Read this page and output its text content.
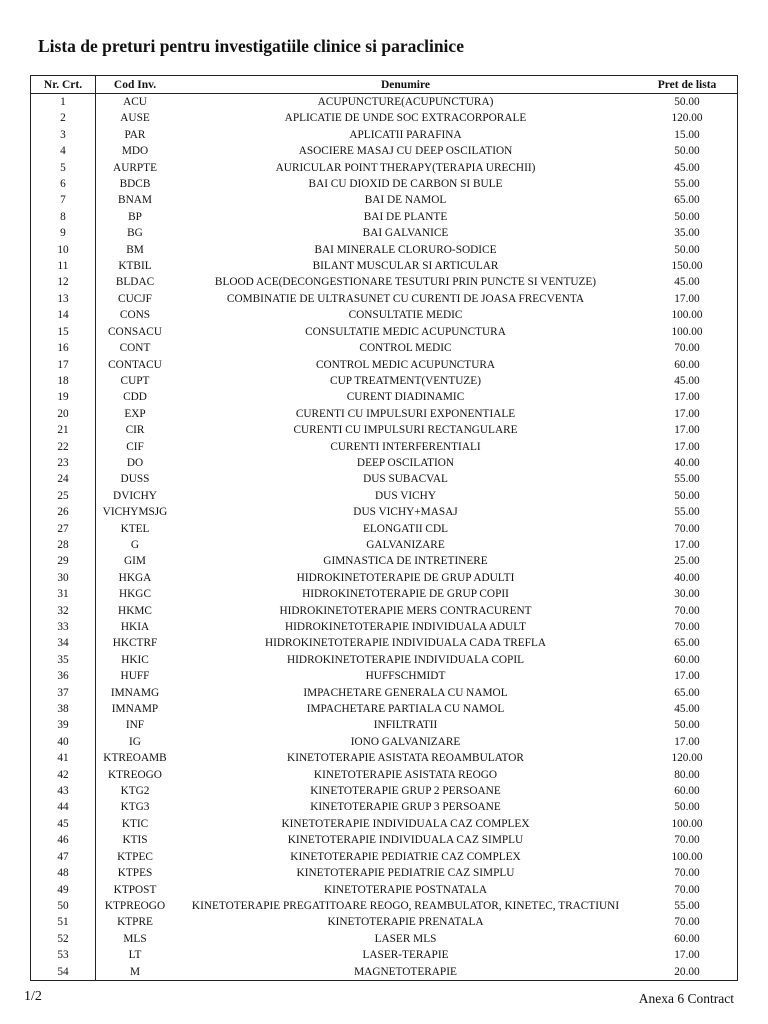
Lista de preturi pentru investigatiile clinice si paraclinice
Nr. Crt.	Cod Inv.	Denumire	Pret de lista
1	ACU	ACUPUNCTURE(ACUPUNCTURA)	50.00
2	AUSE	APLICATIE DE UNDE SOC EXTRACORPORALE	120.00
3	PAR	APLICATII PARAFINA	15.00
4	MDO	ASOCIERE MASAJ CU DEEP OSCILATION	50.00
5	AURPTE	AURICULAR POINT THERAPY(TERAPIA URECHII)	45.00
6	BDCB	BAI CU DIOXID DE CARBON SI BULE	55.00
7	BNAM	BAI DE NAMOL	65.00
8	BP	BAI DE PLANTE	50.00
9	BG	BAI GALVANICE	35.00
10	BM	BAI MINERALE CLORURO-SODICE	50.00
11	KTBIL	BILANT MUSCULAR SI ARTICULAR	150.00
12	BLDAC	BLOOD ACE(DECONGESTIONARE TESUTURI PRIN PUNCTE SI VENTUZE)	45.00
13	CUCJF	COMBINATIE DE ULTRASUNET CU CURENTI DE JOASA FRECVENTA	17.00
14	CONS	CONSULTATIE MEDIC	100.00
15	CONSACU	CONSULTATIE MEDIC ACUPUNCTURA	100.00
16	CONT	CONTROL MEDIC	70.00
17	CONTACU	CONTROL MEDIC ACUPUNCTURA	60.00
18	CUPT	CUP TREATMENT(VENTUZE)	45.00
19	CDD	CURENT DIADINAMIC	17.00
20	EXP	CURENTI CU IMPULSURI EXPONENTIALE	17.00
21	CIR	CURENTI CU IMPULSURI RECTANGULARE	17.00
22	CIF	CURENTI INTERFERENTIALI	17.00
23	DO	DEEP OSCILATION	40.00
24	DUSS	DUS SUBACVAL	55.00
25	DVICHY	DUS VICHY	50.00
26	VICHYMSJG	DUS VICHY+MASAJ	55.00
27	KTEL	ELONGATII CDL	70.00
28	G	GALVANIZARE	17.00
29	GIM	GIMNASTICA DE INTRETINERE	25.00
30	HKGA	HIDROKINETOTERAPIE DE GRUP ADULTI	40.00
31	HKGC	HIDROKINETOTERAPIE DE GRUP COPII	30.00
32	HKMC	HIDROKINETOTERAPIE MERS CONTRACURENT	70.00
33	HKIA	HIDROKINETOTERAPIE INDIVIDUALA ADULT	70.00
34	HKCTRF	HIDROKINETOTERAPIE INDIVIDUALA CADA TREFLA	65.00
35	HKIC	HIDROKINETOTERAPIE INDIVIDUALA COPIL	60.00
36	HUFF	HUFFSCHMIDT	17.00
37	IMNAMG	IMPACHETARE GENERALA CU NAMOL	65.00
38	IMNAMP	IMPACHETARE PARTIALA CU NAMOL	45.00
39	INF	INFILTRATII	50.00
40	IG	IONO GALVANIZARE	17.00
41	KTREOAMB	KINETOTERAPIE ASISTATA REOAMBULATOR	120.00
42	KTREOGO	KINETOTERAPIE ASISTATA REOGO	80.00
43	KTG2	KINETOTERAPIE GRUP 2 PERSOANE	60.00
44	KTG3	KINETOTERAPIE GRUP 3 PERSOANE	50.00
45	KTIC	KINETOTERAPIE INDIVIDUALA CAZ COMPLEX	100.00
46	KTIS	KINETOTERAPIE INDIVIDUALA CAZ SIMPLU	70.00
47	KTPEC	KINETOTERAPIE PEDIATRIE CAZ COMPLEX	100.00
48	KTPES	KINETOTERAPIE PEDIATRIE CAZ SIMPLU	70.00
49	KTPOST	KINETOTERAPIE POSTNATALA	70.00
50	KTPREOGO	KINETOTERAPIE PREGATITOARE REOGO, REAMBULATOR, KINETEC, TRACTIUNI	55.00
51	KTPRE	KINETOTERAPIE PRENATALA	70.00
52	MLS	LASER MLS	60.00
53	LT	LASER-TERAPIE	17.00
54	M	MAGNETOTERAPIE	20.00
1/2	Anexa 6 Contract
